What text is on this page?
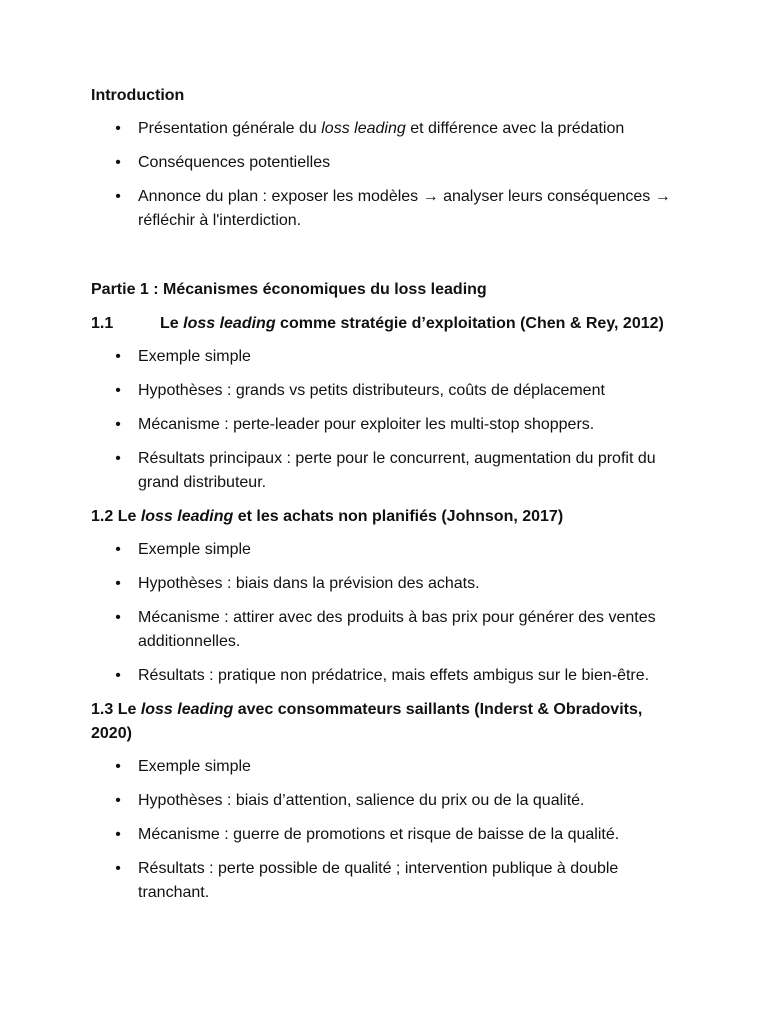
Introduction

• Présentation générale du loss leading et différence avec la prédation
• Conséquences potentielles
• Annonce du plan : exposer les modèles → analyser leurs conséquences → réfléchir à l'interdiction.

Partie 1 : Mécanismes économiques du loss leading

1.1	Le loss leading comme stratégie d’exploitation (Chen & Rey, 2012)

• Exemple simple
• Hypothèses : grands vs petits distributeurs, coûts de déplacement
• Mécanisme : perte-leader pour exploiter les multi-stop shoppers.
• Résultats principaux : perte pour le concurrent, augmentation du profit du grand distributeur.

1.2 Le loss leading et les achats non planifiés (Johnson, 2017)

• Exemple simple
• Hypothèses : biais dans la prévision des achats.
• Mécanisme : attirer avec des produits à bas prix pour générer des ventes additionnelles.
• Résultats : pratique non prédatrice, mais effets ambigus sur le bien-être.

1.3 Le loss leading avec consommateurs saillants (Inderst & Obradovits, 2020)

• Exemple simple
• Hypothèses : biais d’attention, salience du prix ou de la qualité.
• Mécanisme : guerre de promotions et risque de baisse de la qualité.
• Résultats : perte possible de qualité ; intervention publique à double tranchant.
